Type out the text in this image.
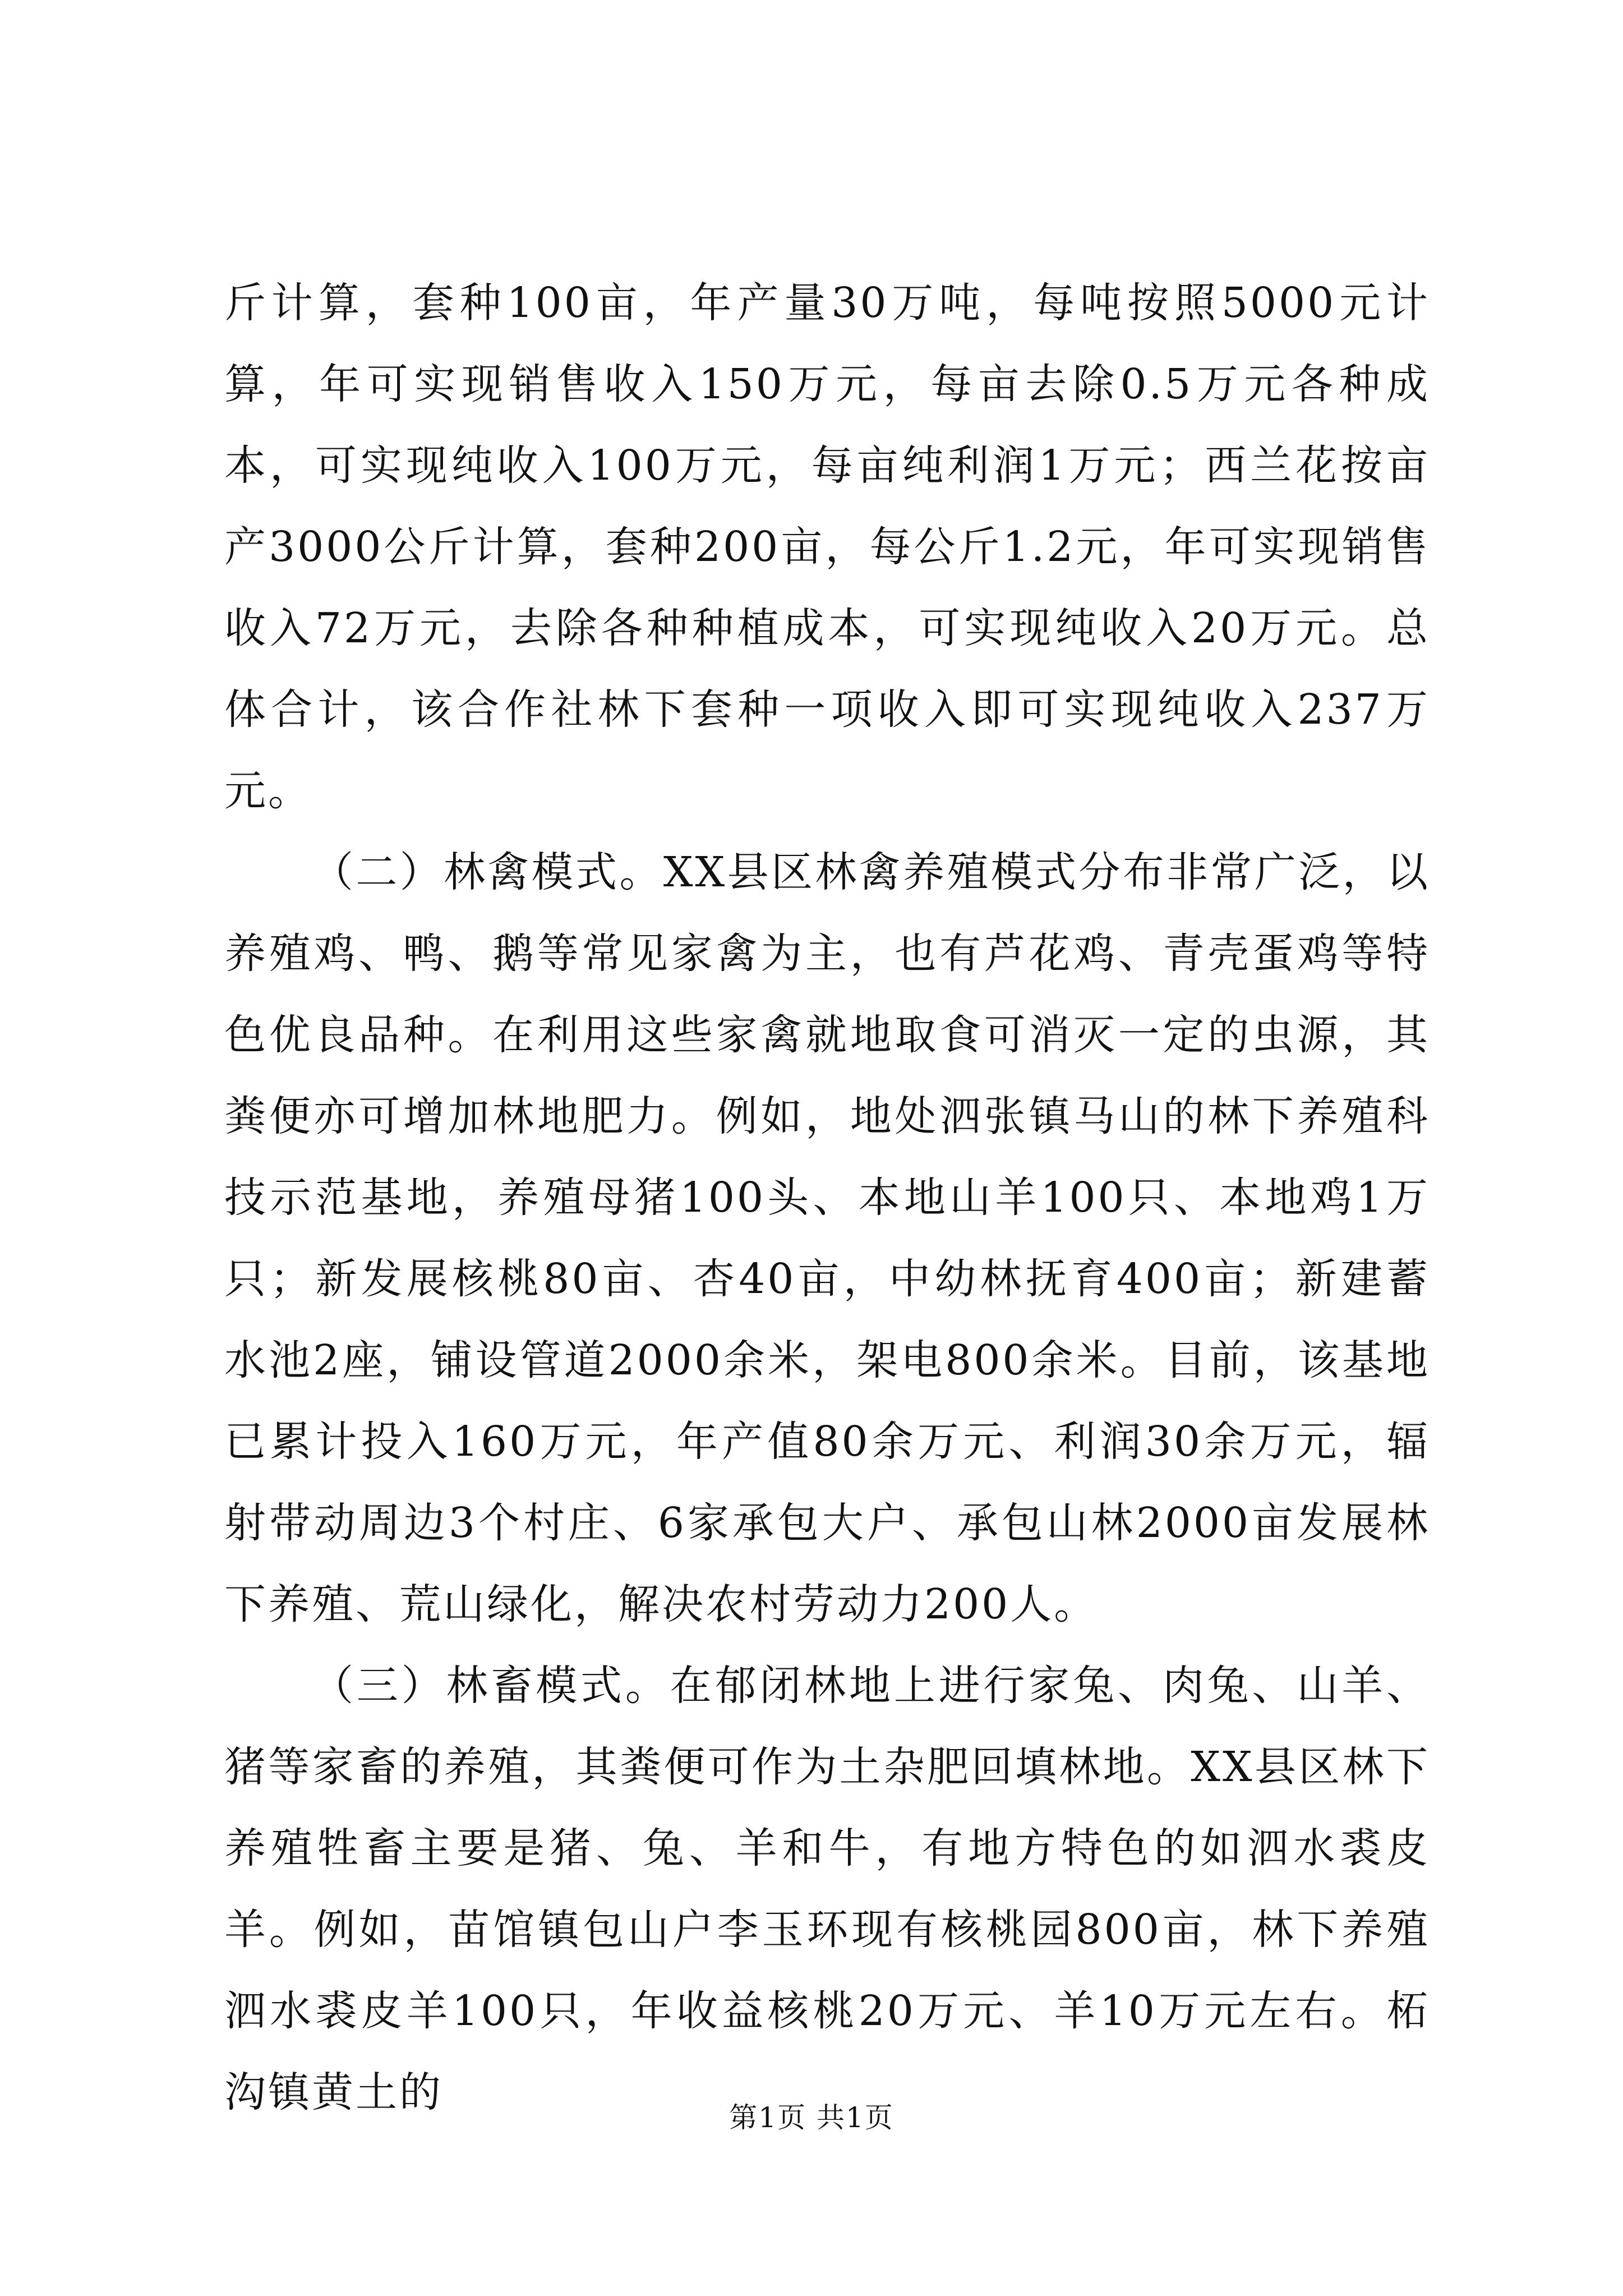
斤计算，套种100亩，年产量30万吨，每吨按照5000元计算，年可实现销售收入150万元，每亩去除0.5万元各种成本，可实现纯收入100万元，每亩纯利润1万元；西兰花按亩产3000公斤计算，套种200亩，每公斤1.2元，年可实现销售收入72万元，去除各种种植成本，可实现纯收入20万元。总体合计，该合作社林下套种一项收入即可实现纯收入237万元。

（二）林禽模式。XX县区林禽养殖模式分布非常广泛，以养殖鸡、鸭、鹅等常见家禽为主，也有芦花鸡、青壳蛋鸡等特色优良品种。在利用这些家禽就地取食可消灭一定的虫源，其粪便亦可增加林地肥力。例如，地处泗张镇马山的林下养殖科技示范基地，养殖母猪100头、本地山羊100只、本地鸡1万只；新发展核桃80亩、杏40亩，中幼林抚育400亩；新建蓄水池2座，铺设管道2000余米，架电800余米。目前，该基地已累计投入160万元，年产值80余万元、利润30余万元，辐射带动周边3个村庄、6家承包大户、承包山林2000亩发展林下养殖、荒山绿化，解决农村劳动力200人。

（三）林畜模式。在郁闭林地上进行家兔、肉兔、山羊、猪等家畜的养殖，其粪便可作为土杂肥回填林地。XX县区林下养殖牲畜主要是猪、兔、羊和牛，有地方特色的如泗水裘皮羊。例如，苗馆镇包山户李玉环现有核桃园800亩，林下养殖泗水裘皮羊100只，年收益核桃20万元、羊10万元左右。柘沟镇黄土的

第1页 共1页
